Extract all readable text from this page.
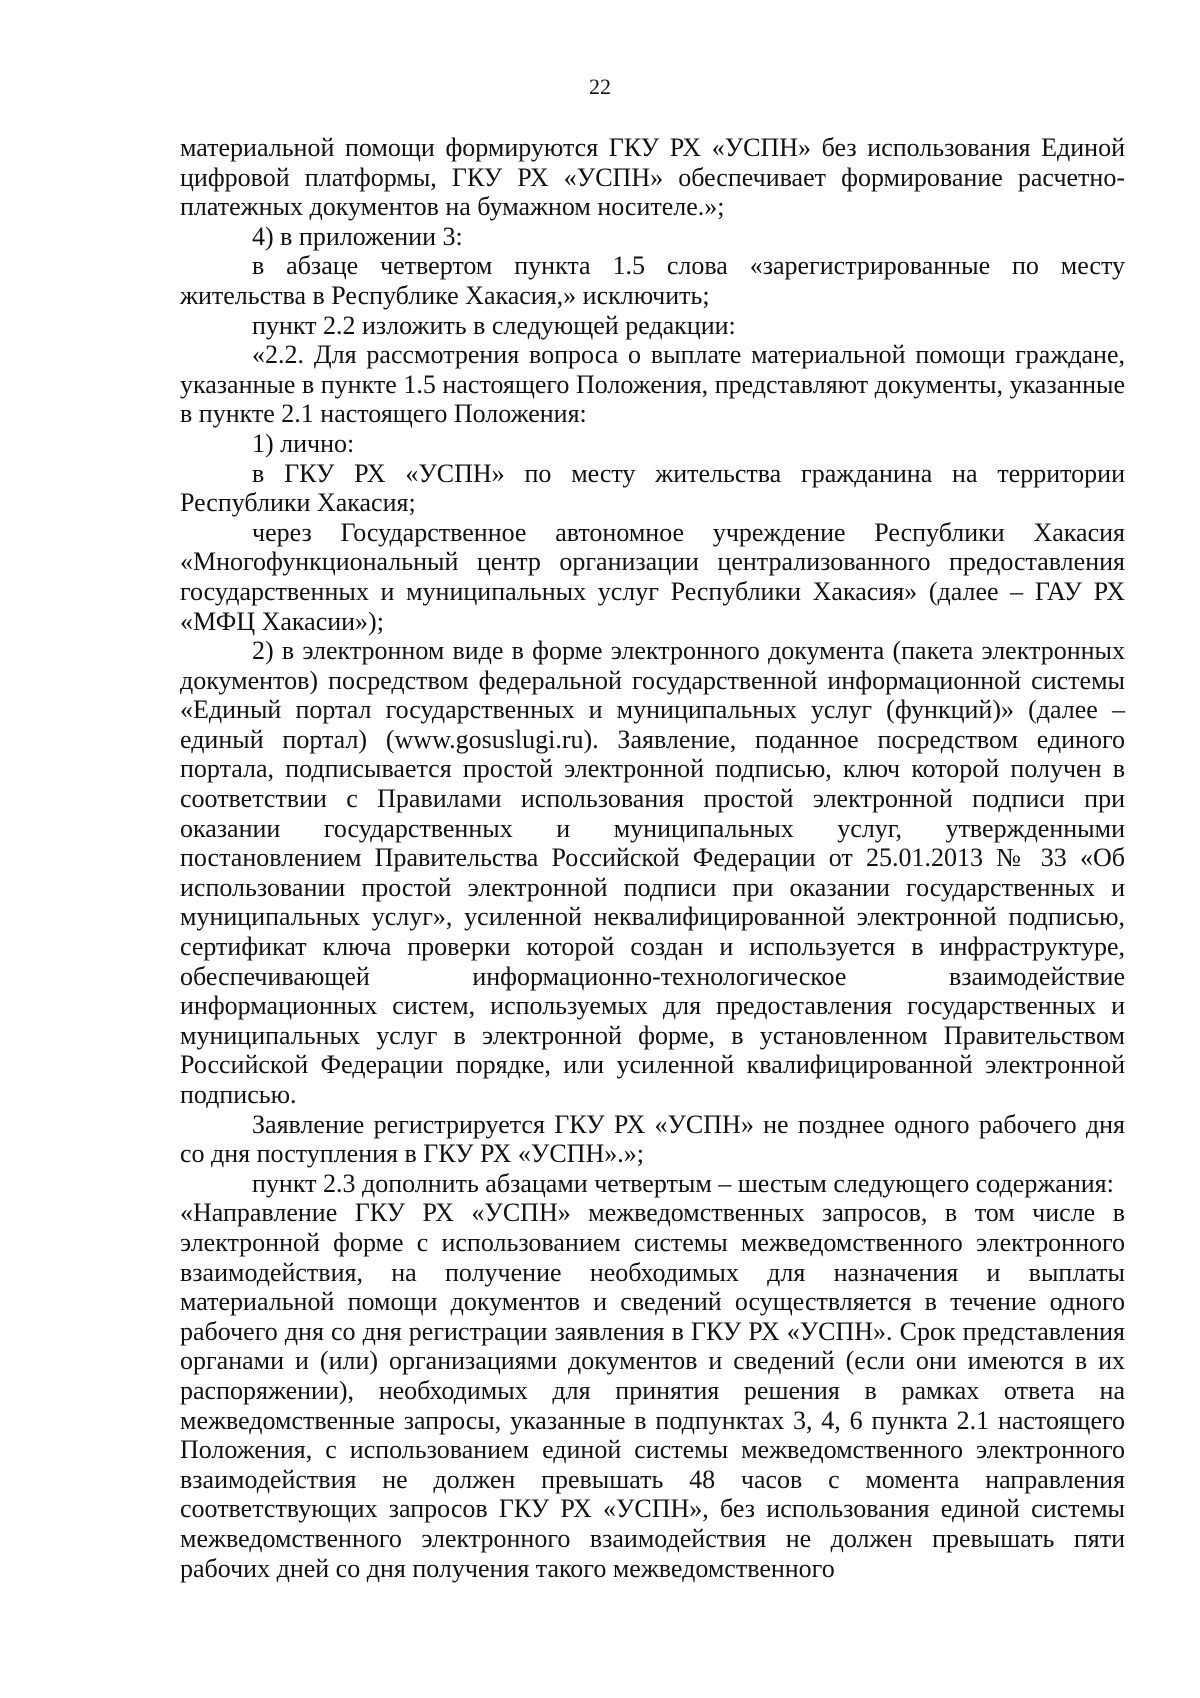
22

материальной помощи формируются ГКУ РХ «УСПН» без использования Единой цифровой платформы, ГКУ РХ «УСПН» обеспечивает формирование расчетно-платежных документов на бумажном носителе.»;

4) в приложении 3:

в абзаце четвертом пункта 1.5 слова «зарегистрированные по месту жительства в Республике Хакасия,» исключить;

пункт 2.2 изложить в следующей редакции:

«2.2. Для рассмотрения вопроса о выплате материальной помощи граждане, указанные в пункте 1.5 настоящего Положения, представляют документы, указанные в пункте 2.1 настоящего Положения:

1) лично:

в ГКУ РХ «УСПН» по месту жительства гражданина на территории Республики Хакасия;

через Государственное автономное учреждение Республики Хакасия «Многофункциональный центр организации централизованного предоставления государственных и муниципальных услуг Республики Хакасия» (далее – ГАУ РХ «МФЦ Хакасии»);

2) в электронном виде в форме электронного документа (пакета электронных документов) посредством федеральной государственной информационной системы «Единый портал государственных и муниципальных услуг (функций)» (далее – единый портал) (www.gosuslugi.ru). Заявление, поданное посредством единого портала, подписывается простой электронной подписью, ключ которой получен в соответствии с Правилами использования простой электронной подписи при оказании государственных и муниципальных услуг, утвержденными постановлением Правительства Российской Федерации от 25.01.2013 № 33 «Об использовании простой электронной подписи при оказании государственных и муниципальных услуг», усиленной неквалифицированной электронной подписью, сертификат ключа проверки которой создан и используется в инфраструктуре, обеспечивающей информационно-технологическое взаимодействие информационных систем, используемых для предоставления государственных и муниципальных услуг в электронной форме, в установленном Правительством Российской Федерации порядке, или усиленной квалифицированной электронной подписью.

Заявление регистрируется ГКУ РХ «УСПН» не позднее одного рабочего дня со дня поступления в ГКУ РХ «УСПН».»;

пункт 2.3 дополнить абзацами четвертым – шестым следующего содержания:

«Направление ГКУ РХ «УСПН» межведомственных запросов, в том числе в электронной форме с использованием системы межведомственного электронного взаимодействия, на получение необходимых для назначения и выплаты материальной помощи документов и сведений осуществляется в течение одного рабочего дня со дня регистрации заявления в ГКУ РХ «УСПН». Срок представления органами и (или) организациями документов и сведений (если они имеются в их распоряжении), необходимых для принятия решения в рамках ответа на межведомственные запросы, указанные в подпунктах 3, 4, 6 пункта 2.1 настоящего Положения, с использованием единой системы межведомственного электронного взаимодействия не должен превышать 48 часов с момента направления соответствующих запросов ГКУ РХ «УСПН», без использования единой системы межведомственного электронного взаимодействия не должен превышать пяти рабочих дней со дня получения такого межведомственного
